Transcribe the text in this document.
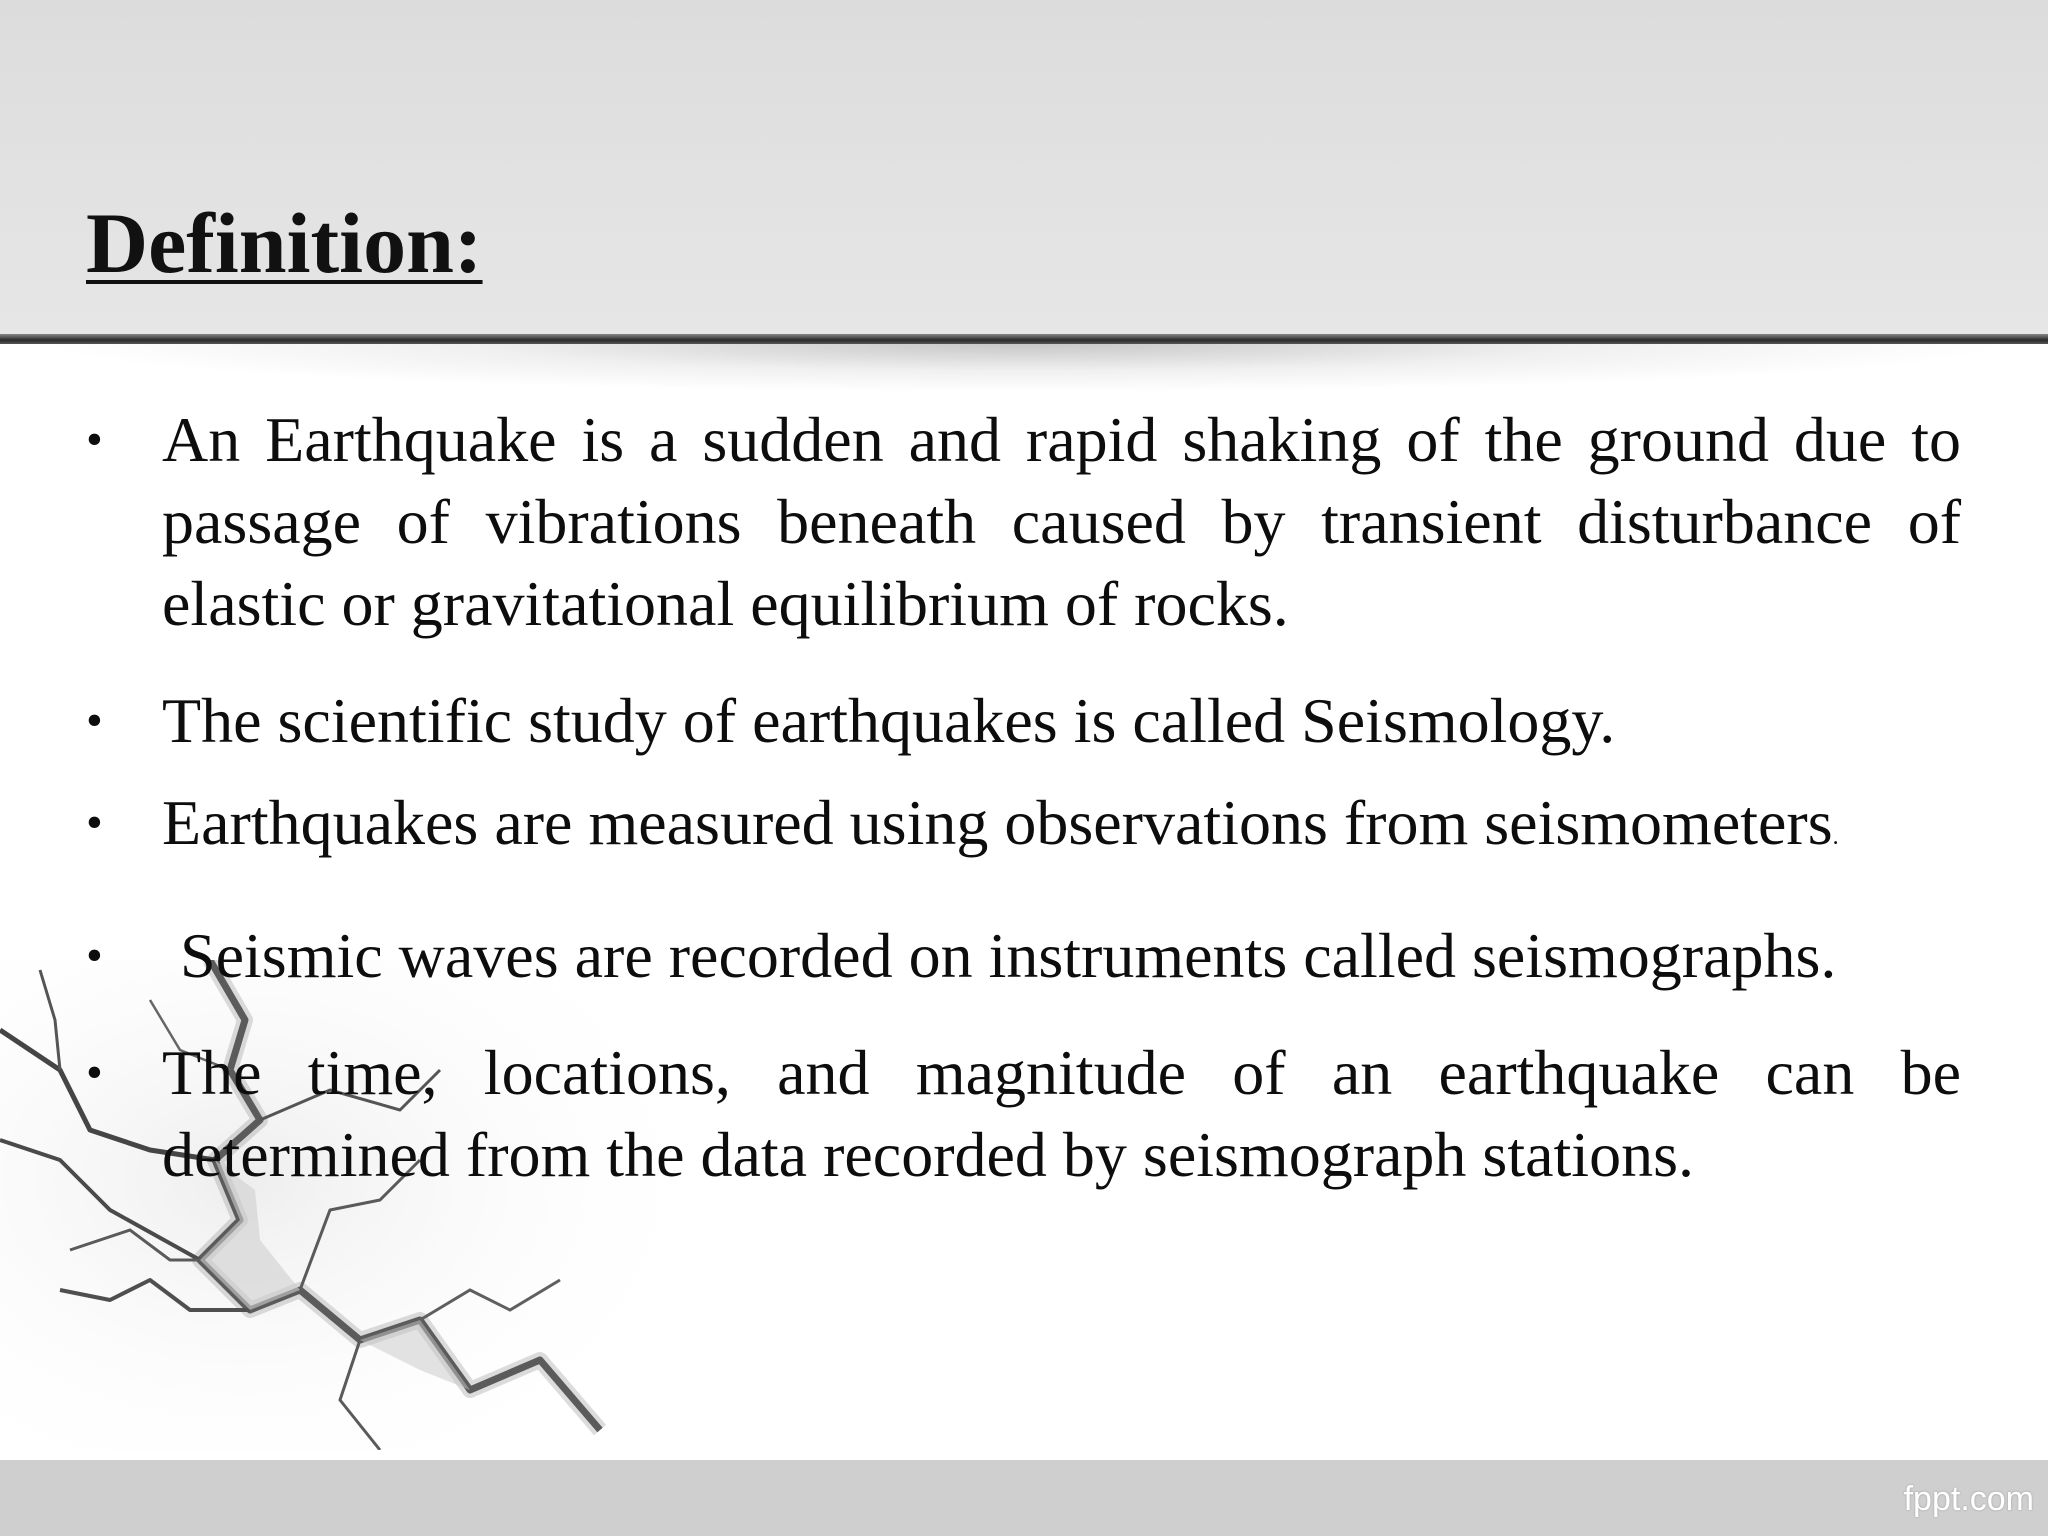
Definition:
• An Earthquake is a sudden and rapid shaking of the ground due to passage of vibrations beneath caused by transient disturbance of elastic or gravitational equilibrium of rocks.
• The scientific study of earthquakes is called Seismology.
• Earthquakes are measured using observations from seismometers.
•	Seismic waves are recorded on instruments called seismographs.
• The time, locations, and magnitude of an earthquake can be determined from the data recorded by seismograph stations.
fppt.com
